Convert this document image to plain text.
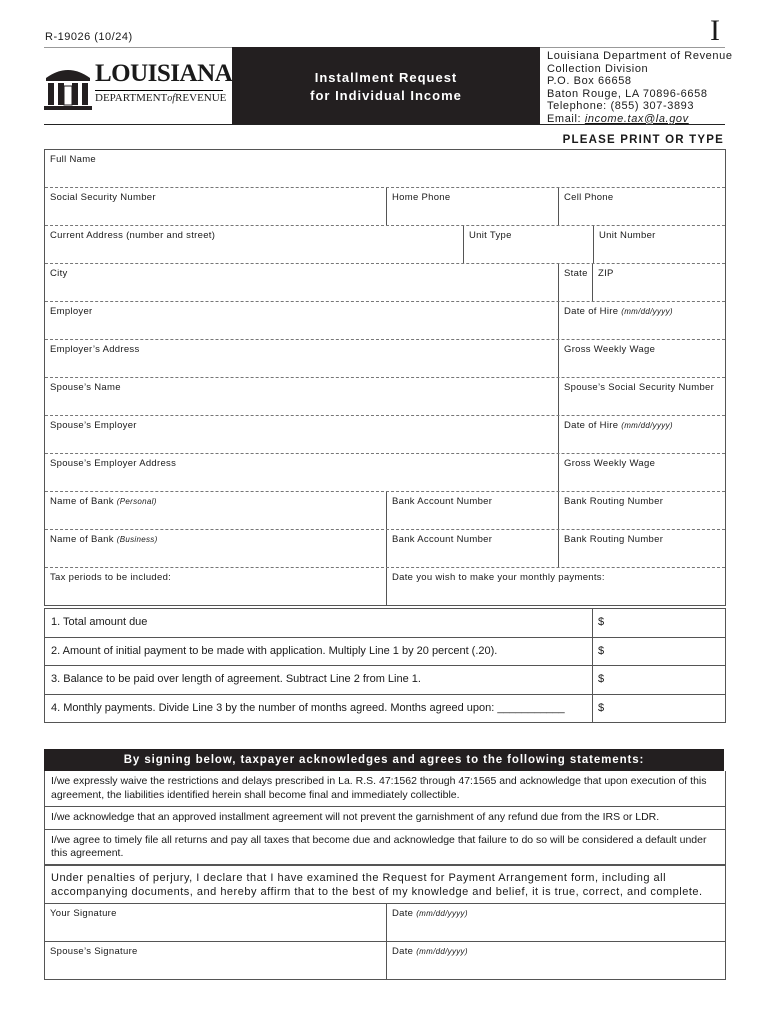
R-19026 (10/24)	I
LOUISIANA
DEPARTMENTofREVENUE
Installment Request
for Individual Income
Louisiana Department of Revenue
Collection Division
P.O. Box 66658
Baton Rouge, LA 70896-6658
Telephone: (855) 307-3893
Email: income.tax@la.gov
PLEASE PRINT OR TYPE
Full Name
Social Security Number	Home Phone	Cell Phone
Current Address (number and street)	Unit Type	Unit Number
City	State	ZIP
Employer	Date of Hire (mm/dd/yyyy)
Employer’s Address	Gross Weekly Wage
Spouse’s Name	Spouse’s Social Security Number
Spouse’s Employer	Date of Hire (mm/dd/yyyy)
Spouse’s Employer Address	Gross Weekly Wage
Name of Bank (Personal)	Bank Account Number	Bank Routing Number
Name of Bank (Business)	Bank Account Number	Bank Routing Number
Tax periods to be included:	Date you wish to make your monthly payments:
1. Total amount due	$
2. Amount of initial payment to be made with application. Multiply Line 1 by 20 percent (.20).	$
3. Balance to be paid over length of agreement. Subtract Line 2 from Line 1.	$
4. Monthly payments. Divide Line 3 by the number of months agreed. Months agreed upon: ___________	$
By signing below, taxpayer acknowledges and agrees to the following statements:
I/we expressly waive the restrictions and delays prescribed in La. R.S. 47:1562 through 47:1565 and acknowledge that upon execution of this agreement, the liabilities identified herein shall become final and immediately collectible.
I/we acknowledge that an approved installment agreement will not prevent the garnishment of any refund due from the IRS or LDR.
I/we agree to timely file all returns and pay all taxes that become due and acknowledge that failure to do so will be considered a default under this agreement.
Under penalties of perjury, I declare that I have examined the Request for Payment Arrangement form, including all accompanying documents, and hereby affirm that to the best of my knowledge and belief, it is true, correct, and complete.
Your Signature	Date (mm/dd/yyyy)
Spouse’s Signature	Date (mm/dd/yyyy)
